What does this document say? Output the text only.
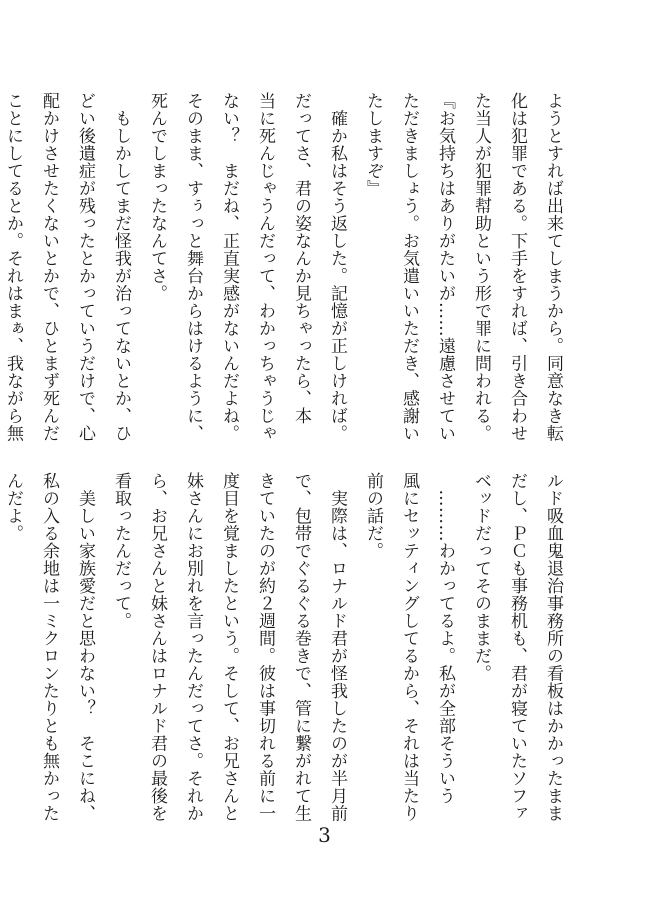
ようとすれば出来てしまうから。同意なき転
化は犯罪である。下手をすれば、引き合わせ
た当人が犯罪幇助という形で罪に問われる。
『お気持ちはありがたいが……遠慮させてい
ただきましょう。お気遣いいただき、感謝い
たしますぞ』
　確か私はそう返した。記憶が正しければ。
だってさ、君の姿なんか見ちゃったら、本
当に死んじゃうんだって、わかっちゃうじゃ
ない？　まだね、正直実感がないんだよね。
そのまま、すぅっと舞台からはけるように、
死んでしまったなんてさ。
　もしかしてまだ怪我が治ってないとか、ひ
どい後遺症が残ったとかっていうだけで、心
配かけさせたくないとかで、ひとまず死んだ
ことにしてるとか。それはまぁ、我ながら無
ルド吸血鬼退治事務所の看板はかかったまま
だし、ＰＣも事務机も、君が寝ていたソファ
ベッドだってそのままだ。
　………わかってるよ。私が全部そういう
風にセッティングしてるから、それは当たり
前の話だ。
　実際は、ロナルド君が怪我したのが半月前
で、包帯でぐるぐる巻きで、管に繋がれて生
きていたのが約２週間。彼は事切れる前に一
度目を覚ましたという。そして、お兄さんと
妹さんにお別れを言ったんだってさ。それか
ら、お兄さんと妹さんはロナルド君の最後を
看取ったんだって。
　美しい家族愛だと思わない？　そこにね、
私の入る余地は一ミクロンたりとも無かった
んだよ。
3
